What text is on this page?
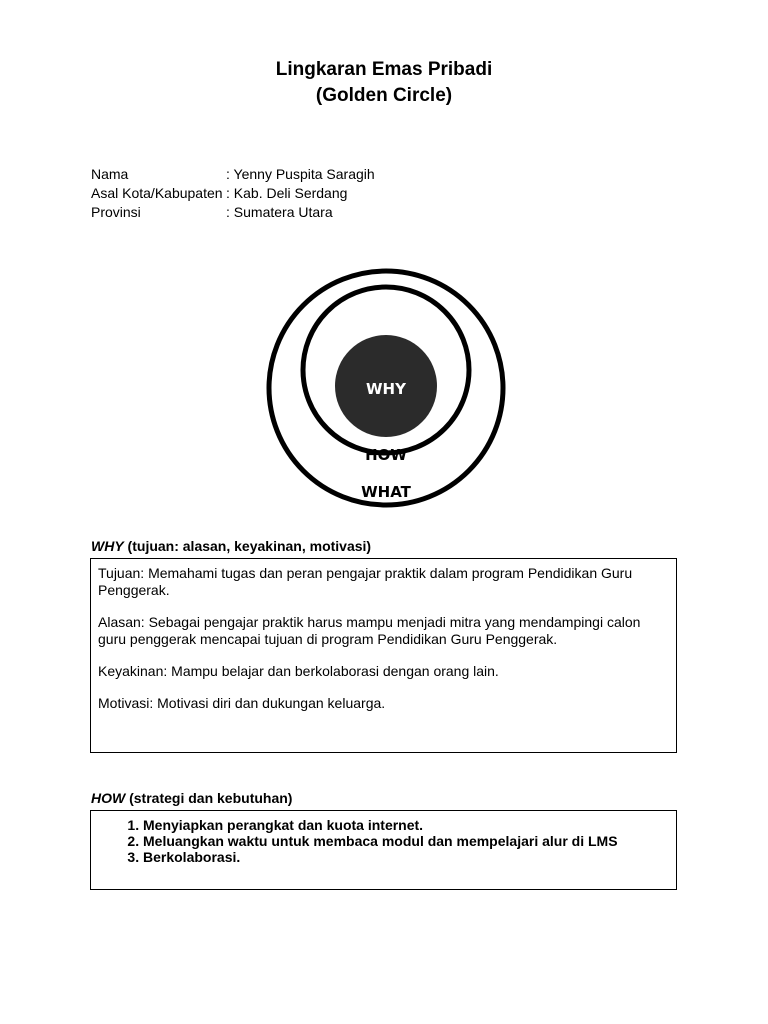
Lingkaran Emas Pribadi
(Golden Circle)
Nama	: Yenny Puspita Saragih
Asal Kota/Kabupaten : Kab. Deli Serdang
Provinsi	: Sumatera Utara
WHY
HOW
WHAT
WHY (tujuan: alasan, keyakinan, motivasi)

Tujuan: Memahami tugas dan peran pengajar praktik dalam program Pendidikan Guru Penggerak.

Alasan: Sebagai pengajar praktik harus mampu menjadi mitra yang mendampingi calon guru penggerak mencapai tujuan di program Pendidikan Guru Penggerak.

Keyakinan: Mampu belajar dan berkolaborasi dengan orang lain.

Motivasi: Motivasi diri dan dukungan keluarga.

HOW (strategi dan kebutuhan)
1. Menyiapkan perangkat dan kuota internet.
2. Meluangkan waktu untuk membaca modul dan mempelajari alur di LMS
3. Berkolaborasi.
